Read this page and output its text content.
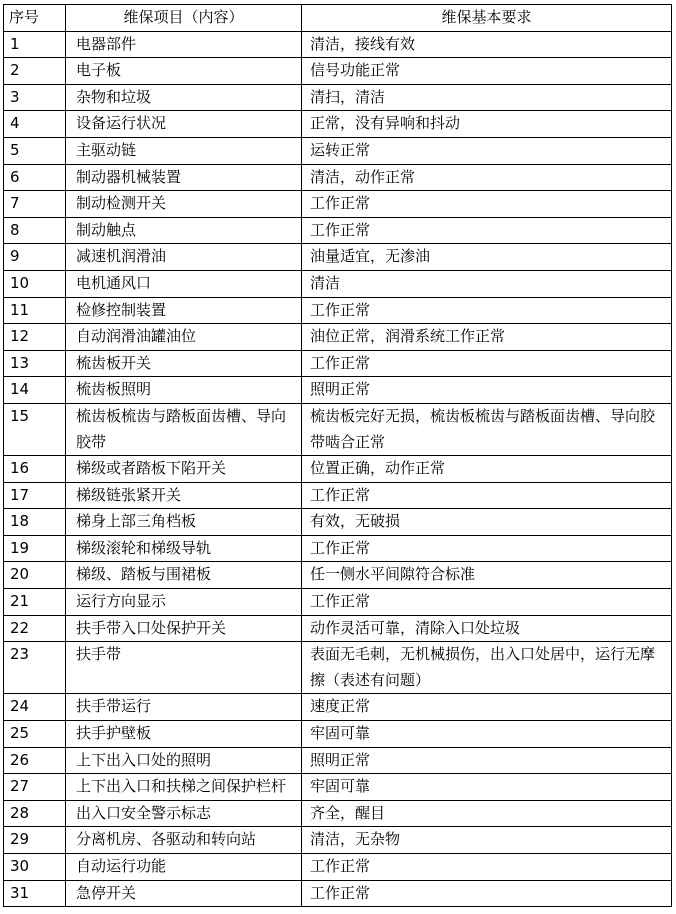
序号	维保项目（内容）	维保基本要求
1	电器部件	清洁，接线有效
2	电子板	信号功能正常
3	杂物和垃圾	清扫，清洁
4	设备运行状况	正常，没有异响和抖动
5	主驱动链	运转正常
6	制动器机械装置	清洁，动作正常
7	制动检测开关	工作正常
8	制动触点	工作正常
9	减速机润滑油	油量适宜，无渗油
10	电机通风口	清洁
11	检修控制装置	工作正常
12	自动润滑油罐油位	油位正常，润滑系统工作正常
13	梳齿板开关	工作正常
14	梳齿板照明	照明正常
15	梳齿板梳齿与踏板面齿槽、导向胶带	梳齿板完好无损，梳齿板梳齿与踏板面齿槽、导向胶带啮合正常
16	梯级或者踏板下陷开关	位置正确，动作正常
17	梯级链张紧开关	工作正常
18	梯身上部三角档板	有效，无破损
19	梯级滚轮和梯级导轨	工作正常
20	梯级、踏板与围裙板	任一侧水平间隙符合标准
21	运行方向显示	工作正常
22	扶手带入口处保护开关	动作灵活可靠，清除入口处垃圾
23	扶手带	表面无毛刺，无机械损伤，出入口处居中，运行无摩擦（表述有问题）
24	扶手带运行	速度正常
25	扶手护壁板	牢固可靠
26	上下出入口处的照明	照明正常
27	上下出入口和扶梯之间保护栏杆	牢固可靠
28	出入口安全警示标志	齐全，醒目
29	分离机房、各驱动和转向站	清洁，无杂物
30	自动运行功能	工作正常
31	急停开关	工作正常
